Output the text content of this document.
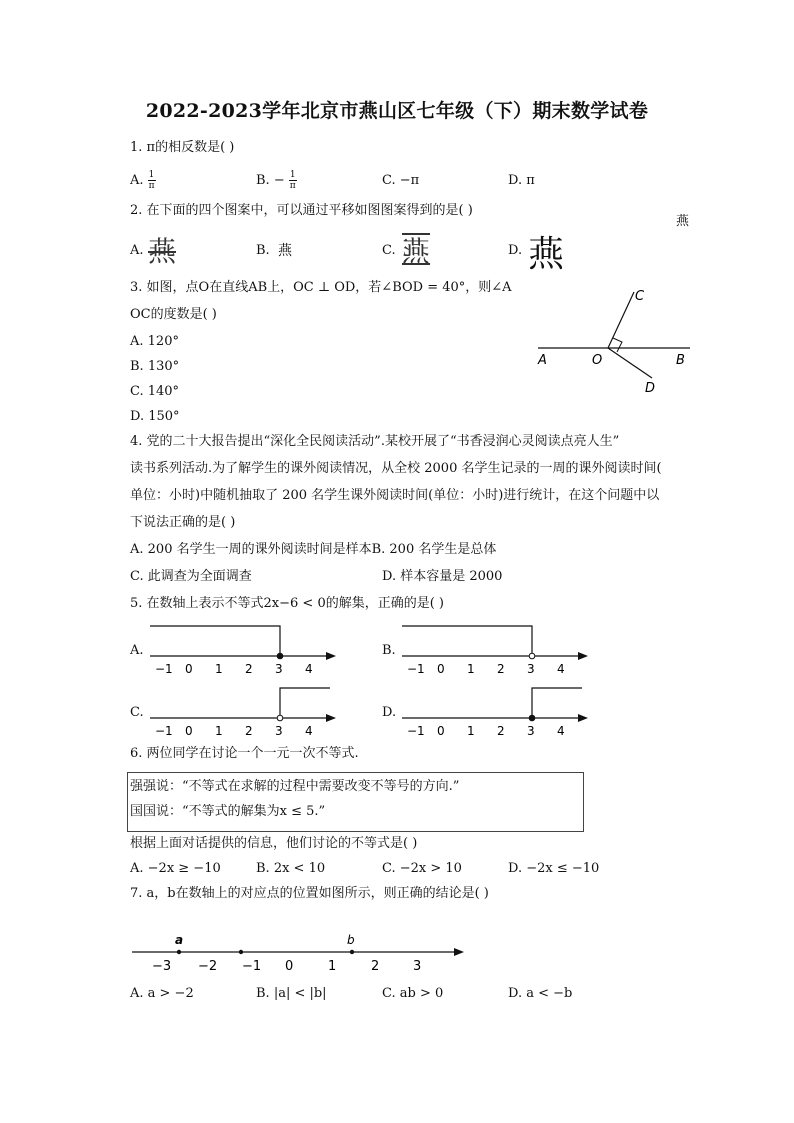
2022-2023学年北京市燕山区七年级（下）期末数学试卷
1. π的相反数是( )
A. $\frac{1}{\pi}$	B. − $\frac{1}{\pi}$	C. −π	D. π
2. 在下面的四个图案中，可以通过平移如图图案得到的是( )
燕
A. 燕	B. 燕	C. 燕	D. 燕
3. 如图，点O在直线AB上，OC ⊥ OD，若∠BOD = 40°，则∠A
OC的度数是( )
A. 120°
B. 130°
C. 140°
D. 150°
A	O	B
C
D
4. 党的二十大报告提出“深化全民阅读活动”.某校开展了“书香浸润心灵阅读点亮人生”
读书系列活动.为了解学生的课外阅读情况，从全校 2000 名学生记录的一周的课外阅读时间(
单位：小时)中随机抽取了 200 名学生课外阅读时间(单位：小时)进行统计，在这个问题中以
下说法正确的是( )
A. 200 名学生一周的课外阅读时间是样本B. 200 名学生是总体
C. 此调查为全面调查	D. 样本容量是 2000
5. 在数轴上表示不等式2x−6 < 0的解集，正确的是( )
A.
−1 0 1 2 3 4
B.
−1 0 1 2 3 4
C.
−1 0 1 2 3 4
D.
−1 0 1 2 3 4
6. 两位同学在讨论一个一元一次不等式.
强强说：“不等式在求解的过程中需要改变不等号的方向.”
国国说：“不等式的解集为x ≤ 5.”
根据上面对话提供的信息，他们讨论的不等式是( )
A. −2x ≥ −10	B. 2x < 10	C. −2x > 10	D. −2x ≤ −10
7. a，b在数轴上的对应点的位置如图所示，则正确的结论是( )
−3 −2 −1 0	1	2	3
a	b
A. a > −2	B. |a| < |b|	C. ab > 0	D. a < −b
